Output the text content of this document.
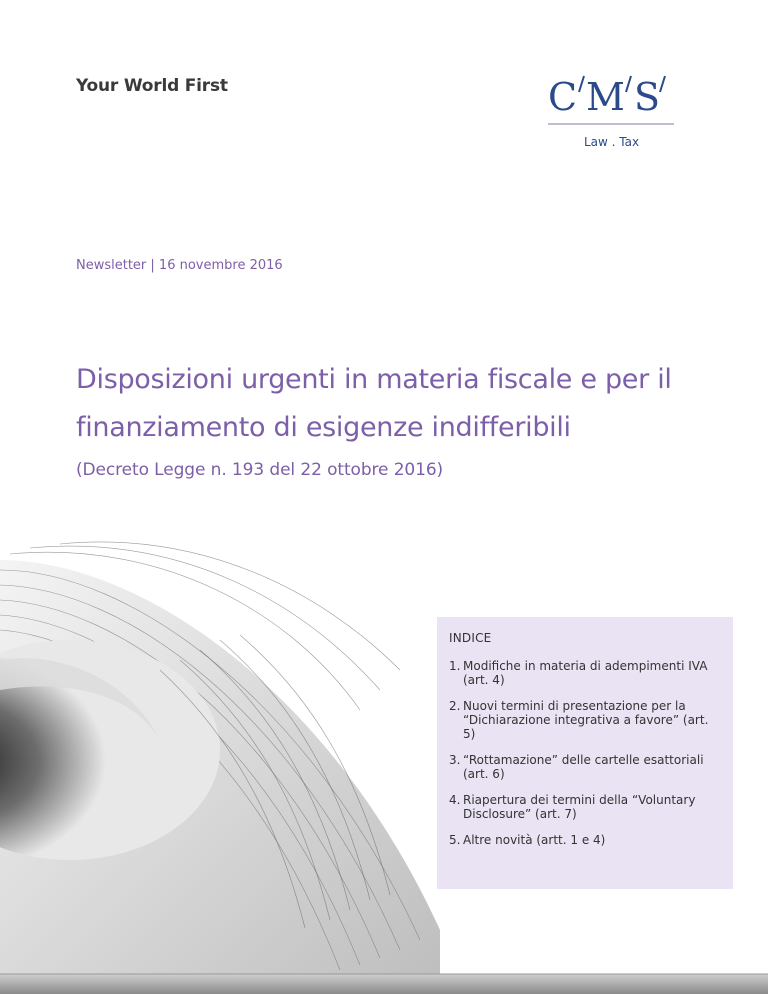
Your World First	C M S
Law . Tax
Newsletter | 16 novembre 2016
Disposizioni urgenti in materia fiscale e per il
finanziamento di esigenze indifferibili
(Decreto Legge n. 193 del 22 ottobre 2016)
INDICE
1. Modifiche in materia di adempimenti IVA (art. 4)
2. Nuovi termini di presentazione per la “Dichiarazione integrativa a favore” (art. 5)
3. “Rottamazione” delle cartelle esattoriali (art. 6)
4. Riapertura dei termini della “Voluntary Disclosure” (art. 7)
5. Altre novità (artt. 1 e 4)
